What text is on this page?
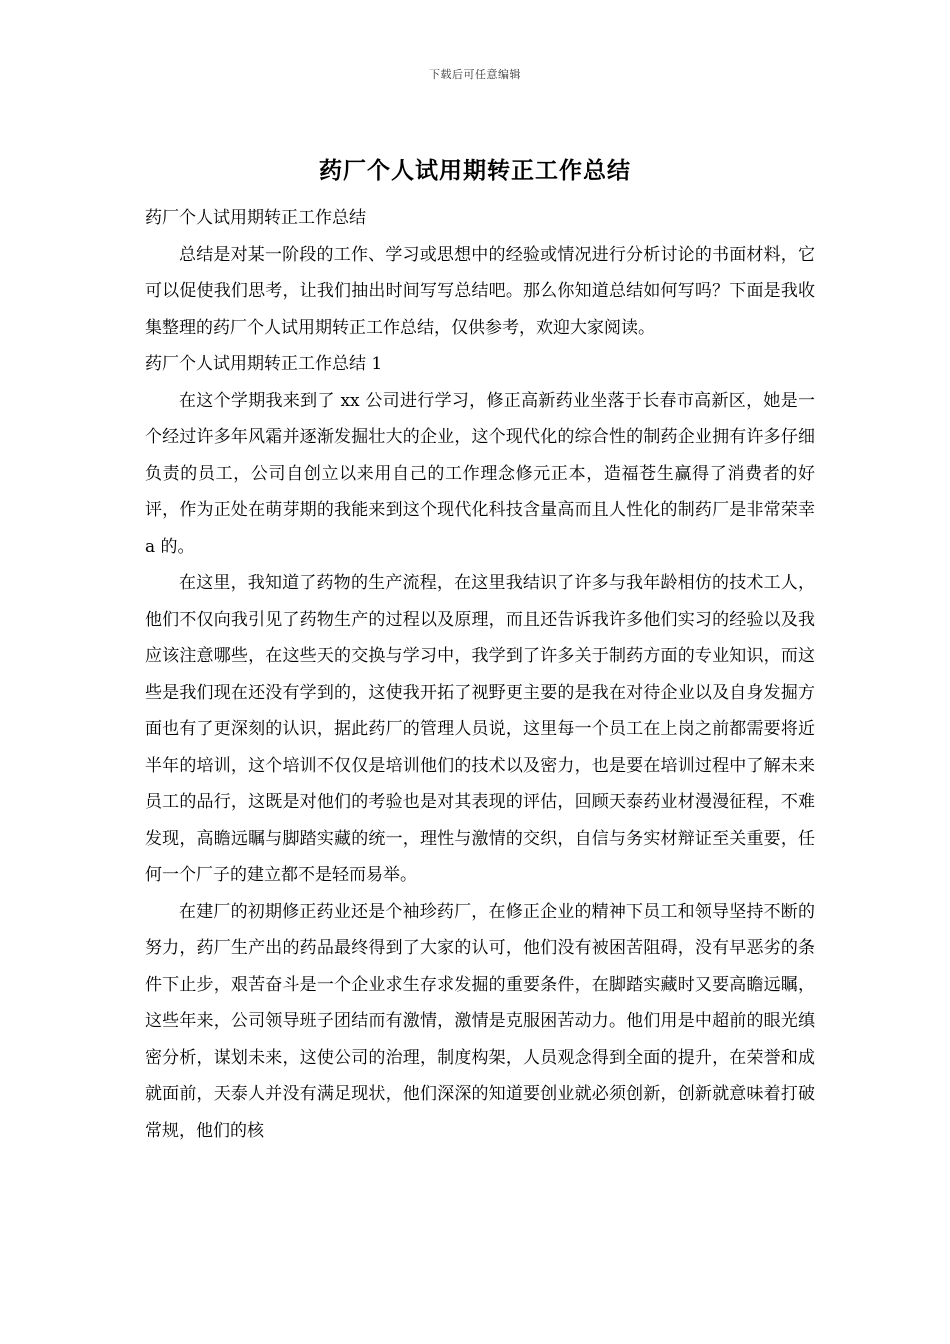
下载后可任意编辑
药厂个人试用期转正工作总结

药厂个人试用期转正工作总结

总结是对某一阶段的工作、学习或思想中的经验或情况进行分析讨论的书面材料，它可以促使我们思考，让我们抽出时间写写总结吧。那么你知道总结如何写吗？下面是我收集整理的药厂个人试用期转正工作总结，仅供参考，欢迎大家阅读。

药厂个人试用期转正工作总结 1

在这个学期我来到了 xx 公司进行学习，修正高新药业坐落于长春市高新区，她是一个经过许多年风霜并逐渐发掘壮大的企业，这个现代化的综合性的制药企业拥有许多仔细负责的员工，公司自创立以来用自己的工作理念修元正本，造福苍生赢得了消费者的好评，作为正处在萌芽期的我能来到这个现代化科技含量高而且人性化的制药厂是非常荣幸 a 的。

在这里，我知道了药物的生产流程，在这里我结识了许多与我年龄相仿的技术工人，他们不仅向我引见了药物生产的过程以及原理，而且还告诉我许多他们实习的经验以及我应该注意哪些，在这些天的交换与学习中，我学到了许多关于制药方面的专业知识，而这些是我们现在还没有学到的，这使我开拓了视野更主要的是我在对待企业以及自身发掘方面也有了更深刻的认识，据此药厂的管理人员说，这里每一个员工在上岗之前都需要将近半年的培训，这个培训不仅仅是培训他们的技术以及密力，也是要在培训过程中了解未来员工的品行，这既是对他们的考验也是对其表现的评估，回顾天泰药业材漫漫征程，不难发现，高瞻远瞩与脚踏实藏的统一，理性与激情的交织，自信与务实材辩证至关重要，任何一个厂子的建立都不是轻而易举。

在建厂的初期修正药业还是个袖珍药厂，在修正企业的精神下员工和领导坚持不断的努力，药厂生产出的药品最终得到了大家的认可，他们没有被困苦阻碍，没有早恶劣的条件下止步，艰苦奋斗是一个企业求生存求发掘的重要条件，在脚踏实藏时又要高瞻远瞩，这些年来，公司领导班子团结而有激情，激情是克服困苦动力。他们用是中超前的眼光缜密分析，谋划未来，这使公司的治理，制度构架，人员观念得到全面的提升，在荣誉和成就面前，天泰人并没有满足现状，他们深深的知道要创业就必须创新，创新就意味着打破常规，他们的核
